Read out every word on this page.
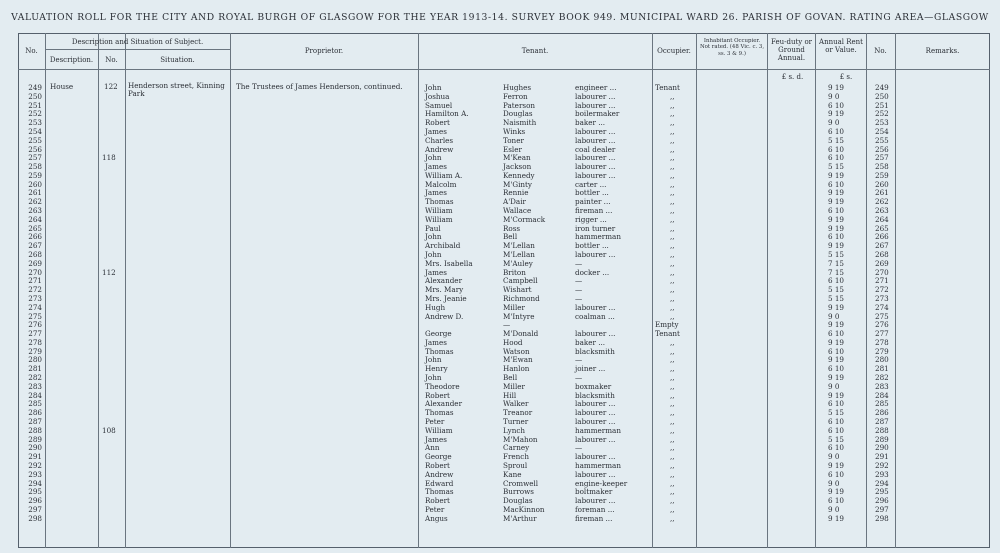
VALUATION ROLL FOR THE CITY AND ROYAL BURGH OF GLASGOW FOR THE YEAR 1913-14. SURVEY BOOK 949. MUNICIPAL WARD 26. PARISH OF GOVAN. RATING AREA—GLASGOW
No.
Description and Situation of Subject.
Description.	No.	Situation.
Proprietor.	Tenant.	Occupier.
Inhabitant Occupier. Not rated. (48 Vic. c. 3, ss. 3 & 9.)
Feu-duty or Ground Annual.
Annual Rent or Value.	No.	Remarks.
£ s. d.	£ s.
House	122 Henderson street, Kinning Park
The Trustees of James Henderson, continued.
249	John	Hughes	engineer ...	Tenant	9 19	249
250	Joshua	Ferron	labourer ...	,,	9 0	250
251	Samuel	Paterson	labourer ...	,,	6 10	251
252	Hamilton A.	Douglas	boilermaker	,,	9 19	252
253	Robert	Naismith	baker ...	,,	9 0	253
254	James	Winks	labourer ...	,,	6 10	254
255	Charles	Toner	labourer ...	,,	5 15	255
256	Andrew	Esler	coal dealer	,,	6 10	256
257	118	John	M'Kean	labourer ...	,,	6 10	257
258	James	Jackson	labourer ...	,,	5 15	258
259	William A.	Kennedy	labourer ...	,,	9 19	259
260	Malcolm	M'Ginty	carter ...	,,	6 10	260
261	James	Rennie	bottler ...	,,	9 19	261
262	Thomas	A'Dair	painter ...	,,	9 19	262
263	William	Wallace	fireman ...	,,	6 10	263
264	William	M'Cormack	rigger ...	,,	9 19	264
265	Paul	Ross	iron turner	,,	9 19	265
266	John	Bell	hammerman	,,	6 10	266
267	Archibald	M'Lellan	bottler ...	,,	9 19	267
268	John	M'Lellan	labourer ...	,,	5 15	268
269	Mrs. Isabella	M'Auley	—	,,	7 15	269
270	112	James	Briton	docker ...	,,	7 15	270
271	Alexander	Campbell	—	,,	6 10	271
272	Mrs. Mary	Wishart	—	,,	5 15	272
273	Mrs. Jeanie	Richmond	—	,,	5 15	273
274	Hugh	Miller	labourer ...	,,	9 19	274
275	Andrew D.	M'Intyre	coalman ...	,,	9 0	275
276	—	Empty	9 19	276
277	George	M'Donald	labourer ...	Tenant	6 10	277
278	James	Hood	baker ...	,,	9 19	278
279	Thomas	Watson	blacksmith	,,	6 10	279
280	John	M'Ewan	—	,,	9 19	280
281	Henry	Hanlon	joiner ...	,,	6 10	281
282	John	Bell	—	,,	9 19	282
283	Theodore	Miller	boxmaker	,,	9 0	283
284	Robert	Hill	blacksmith	,,	9 19	284
285	Alexander	Walker	labourer ...	,,	6 10	285
286	Thomas	Treanor	labourer ...	,,	5 15	286
287	Peter	Turner	labourer ...	,,	6 10	287
288	108	William	Lynch	hammerman	,,	6 10	288
289	James	M'Mahon	labourer ...	,,	5 15	289
290	Ann	Carney	—	,,	6 10	290
291	George	French	labourer ...	,,	9 0	291
292	Robert	Sproul	hammerman	,,	9 19	292
293	Andrew	Kane	labourer ...	,,	6 10	293
294	Edward	Cromwell	engine-keeper	,,	9 0	294
295	Thomas	Burrows	boltmaker	,,	9 19	295
296	Robert	Douglas	labourer ...	,,	6 10	296
297	Peter	MacKinnon	foreman ...	,,	9 0	297
298	Angus	M'Arthur	fireman ...	,,	9 19	298
